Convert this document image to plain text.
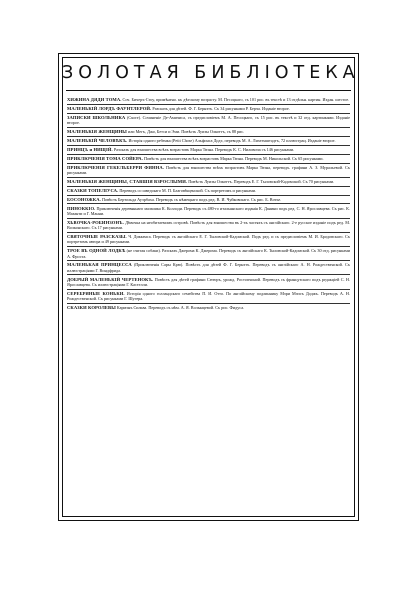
ЗОЛОТАЯ БИБЛІОТЕКА

ХИЖИНА ДЯДИ ТОМА. Соч. Бичеръ-Стоу, примѣнено. къ дѣтскому возрасту. М. Песоцкаго, съ 101 рис. въ текстѣ и 13 отдѣльн. картин. Издан. шестое.

МАЛЕНЬКІЙ ЛОРДЪ ФАУНТЛЕРОЙ. Разсказъ для дѣтей. Ф. Г. Бернэтъ. Съ 34 рисунками Р. Берча. Изданіе второе.

ЗАПИСКИ ШКОЛЬНИКА (Cuore). Сочиненіе Де-Амичиса, съ предисловіемъ М. А. Песоцкаго, съ 15 рис. въ текстѣ и 32 отд. картинками. Изданіе второе.

МАЛЕНЬКІЯ ЖЕНЩИНЫ или Мегъ, Джо, Бетси и Эми. Повѣсть Луизы Олкоттъ, съ 88 рис.

МАЛЕНЬКІЙ ЧЕЛОВѢКЪ. Исторія одного ребенка (Petit Chose) Альфонса Додэ, переводъ М. А. Лихтенштадтъ, 72 иллюстрац. Изданіе второе.

ПРИНЦЪ и НИЩІЙ. Разсказъ для юношества всѣхъ возрастовъ Марка Твэна. Переводъ К. С. Ниловича съ 146 рисунками.

ПРИКЛЮЧЕНІЯ ТОМА СОЙЕРА. Повѣсть для юношества всѣхъ возрастовъ Марка Твэна. Переводъ М. Никольской. Съ 65 рисунками.

ПРИКЛЮЧЕНІЯ ГЕКЕЛЬБЕРРИ ФИННА. Повѣсть для юношества всѣхъ возрастовъ Марка Твэна, переводъ. графини А. З. Муральевой. Съ рисунками.

МАЛЕНЬКІЯ ЖЕНЩИНЫ, СТАВШІЯ ВЗРОСЛЫМИ. Повѣсть Луизы Олкоттъ. Переводъ Е. Г. Тыловской-Кадомской. Съ 70 рисунками.

СКАЗКИ ТОПЕЛІУСА. Переводъ со шведскаго М. П. Благовѣщенской. Съ портретомъ и рисунками.

БОСОНОЖКА. Повѣсть Бертольда Ауэрбаха. Переводъ съ нѣмецкаго подъ ред. В. И. Чуйковскаго. Съ рис. Б. Вотье.

ПИНОККІО. Приключенія деревяннаго мальчика К. Коллоди. Переводъ съ 480-го итальянскаго изданія К. Данини подъ ред. С. Н. Ярославцева. Съ рис. К. Мазанти и Г. Манни.

ХЬВОЧКА-РОБИНЗОНЪ. Дѣвочка на необитаемомъ островѣ. Повѣсть для юношества въ 2-хъ частяхъ съ англійскаго. 2-е русское изданіе подъ ред. М. Волконскаго. Съ 17 рисунками.

СВЯТОЧНЫЕ РАЗСКАЗЫ. Ч. Диккенса. Переводъ съ англійскаго Е. Г. Тыловской-Кадомской. Подъ ред. и съ предисловіемъ М. И. Бродовскаго. Съ портретомъ автора и 49 рисунками.

ТРОЕ ВЪ ОДНОЙ ЛОДКѢ (не считая собаки). Разсказъ Джерома К. Джерома. Переводъ съ англійскаго К. Тыловской-Кадомской. Съ 30 отд. рисунками А. Фроста.

МАЛЕНЬКАЯ ПРИНЦЕССА (Приключенія Сары Крю). Повѣсть для дѣтей Ф. Г. Бернэтъ. Переводъ съ англійскаго А. Н. Рождественской. Съ иллюстраціями Г. Виндфрида.

ДОБРЫЙ МАЛЕНЬКІЙ ЧЕРТЕНОКЪ. Повѣсть для дѣтей графини Сегюръ, урожд. Ростопчиной. Переводъ съ французскаго подъ редакціей С. Н. Ярославцева. Съ иллюстраціями Г. Кастелли.

СЕРЕБРЯНЫЕ КОНЬКИ. Исторія одного голландскаго семейства П. И. Отто. По англійскому подлиннику Мэри Мэпсъ Доджъ. Переводъ А. Н. Рождественской. Съ рисунками Г. Шугера.

СКАЗКИ КОРОЛЕВЫ Кармэнъ Сильва. Переводъ съ нѣм. А. Я. Волынцевой. Съ рис. Фидуса.
